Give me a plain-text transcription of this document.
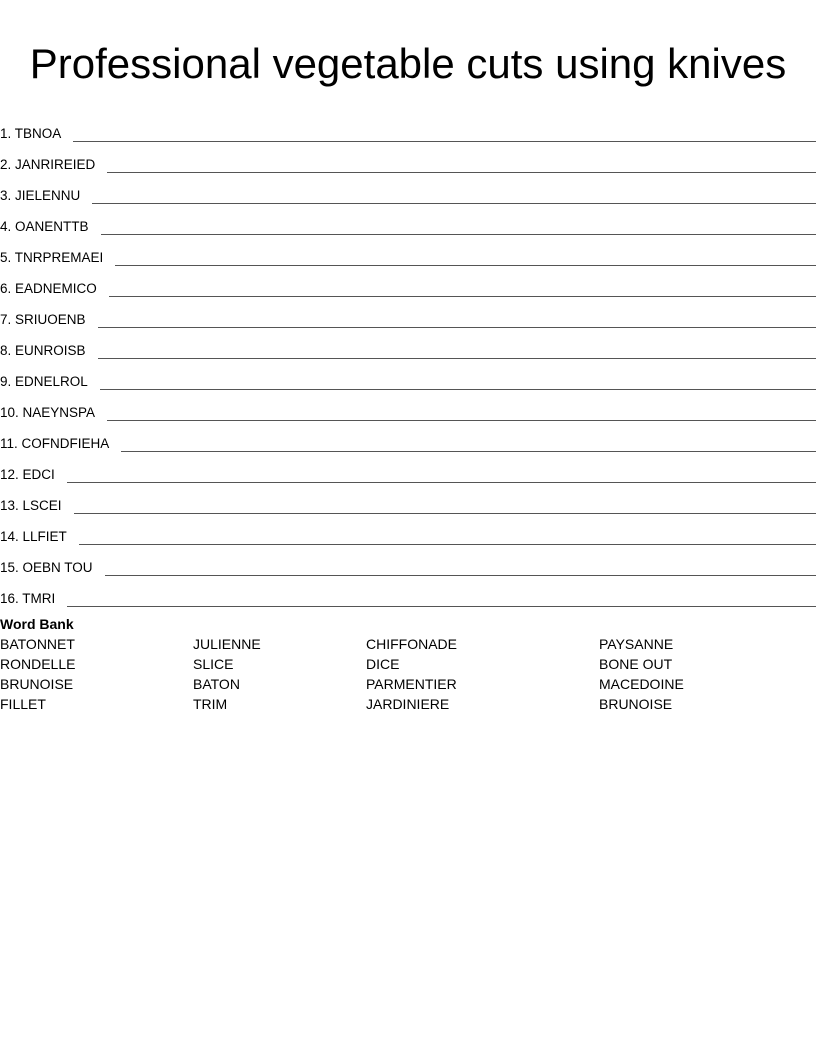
Professional vegetable cuts using knives
1. TBNOA
2. JANRIREIED
3. JIELENNU
4. OANENTTB
5. TNRPREMAEI
6. EADNEMICO
7. SRIUOENB
8. EUNROISB
9. EDNELROL
10. NAEYNSPA
11. COFNDFIEHA
12. EDCI
13. LSCEI
14. LLFIET
15. OEBN TOU
16. TMRI
Word Bank
BATONNET	JULIENNE	CHIFFONADE	PAYSANNE
RONDELLE	SLICE	DICE	BONE OUT
BRUNOISE	BATON	PARMENTIER	MACEDOINE
FILLET	TRIM	JARDINIERE	BRUNOISE
